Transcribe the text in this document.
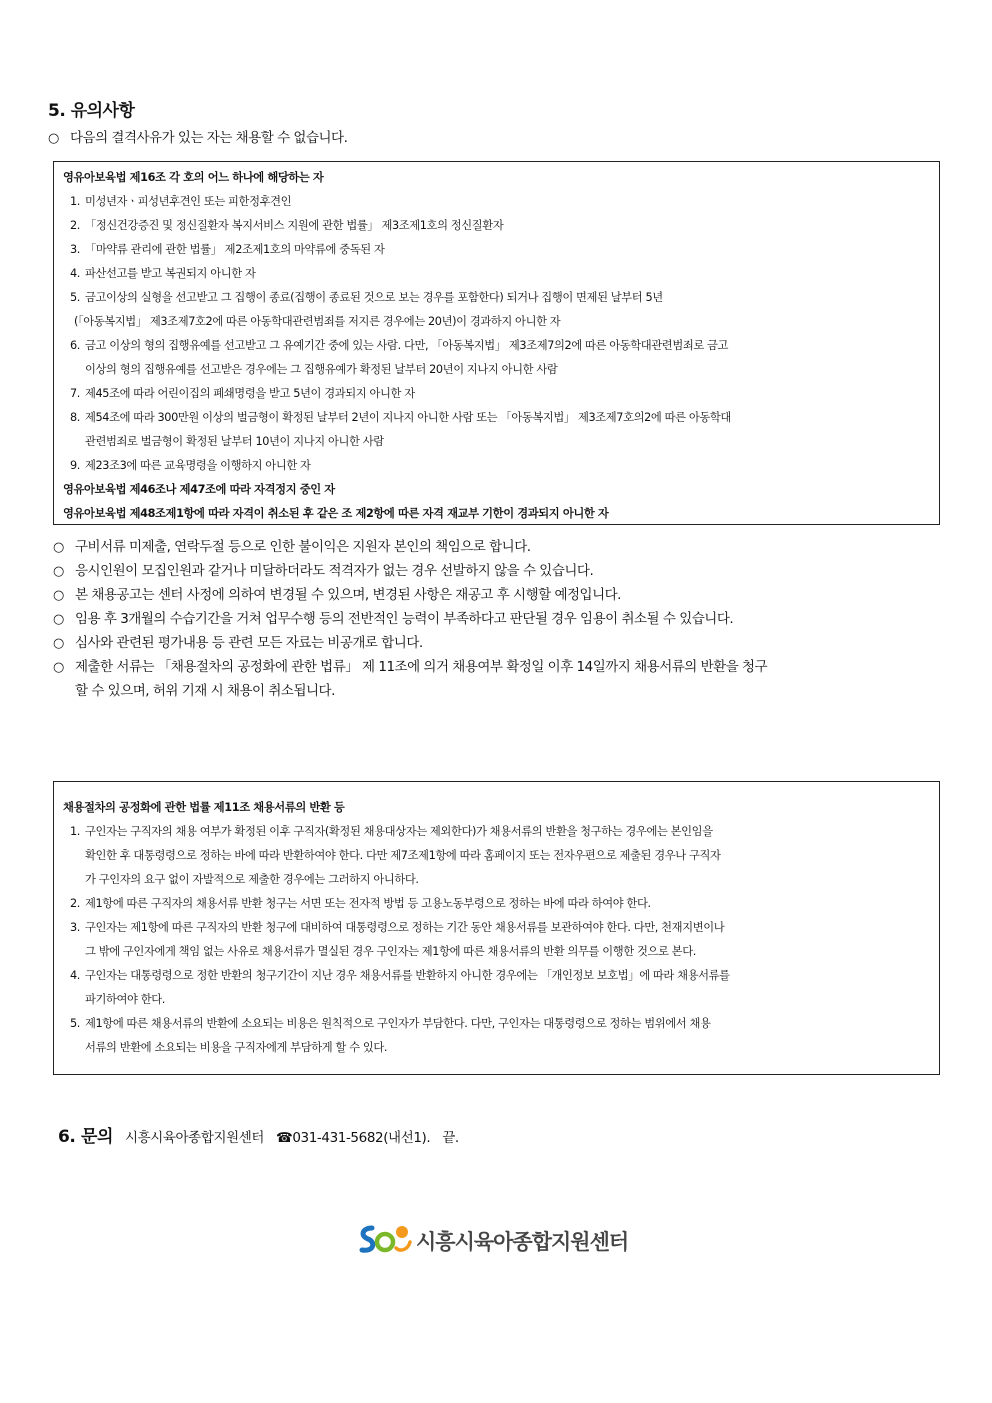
5. 유의사항
○ 다음의 결격사유가 있는 자는 채용할 수 없습니다.
영유아보육법 제16조 각 호의 어느 하나에 해당하는 자
1. 미성년자ㆍ피성년후견인 또는 피한정후견인
2. 「정신건강증진 및 정신질환자 복지서비스 지원에 관한 법률」 제3조제1호의 정신질환자
3. 「마약류 관리에 관한 법률」 제2조제1호의 마약류에 중독된 자
4. 파산선고를 받고 복권되지 아니한 자
5. 금고이상의 실형을 선고받고 그 집행이 종료(집행이 종료된 것으로 보는 경우를 포함한다) 되거나 집행이 면제된 날부터 5년
(「아동복지법」 제3조제7호2에 따른 아동학대관련범죄를 저지른 경우에는 20년)이 경과하지 아니한 자
6. 금고 이상의 형의 집행유예를 선고받고 그 유예기간 중에 있는 사람. 다만, 「아동복지법」 제3조제7의2에 따른 아동학대관련범죄로 금고
이상의 형의 집행유예를 선고받은 경우에는 그 집행유예가 확정된 날부터 20년이 지나지 아니한 사람
7. 제45조에 따라 어린이집의 폐쇄명령을 받고 5년이 경과되지 아니한 자
8. 제54조에 따라 300만원 이상의 벌금형이 확정된 날부터 2년이 지나지 아니한 사람 또는 「아동복지법」 제3조제7호의2에 따른 아동학대
관련범죄로 벌금형이 확정된 날부터 10년이 지나지 아니한 사람
9. 제23조3에 따른 교육명령을 이행하지 아니한 자
영유아보육법 제46조나 제47조에 따라 자격정지 중인 자
영유아보육법 제48조제1항에 따라 자격이 취소된 후 같은 조 제2항에 따른 자격 재교부 기한이 경과되지 아니한 자
○ 구비서류 미제출, 연락두절 등으로 인한 불이익은 지원자 본인의 책임으로 합니다.
○ 응시인원이 모집인원과 같거나 미달하더라도 적격자가 없는 경우 선발하지 않을 수 있습니다.
○ 본 채용공고는 센터 사정에 의하여 변경될 수 있으며, 변경된 사항은 재공고 후 시행할 예정입니다.
○ 임용 후 3개월의 수습기간을 거쳐 업무수행 등의 전반적인 능력이 부족하다고 판단될 경우 임용이 취소될 수 있습니다.
○ 심사와 관련된 평가내용 등 관련 모든 자료는 비공개로 합니다.
○ 제출한 서류는 「채용절차의 공정화에 관한 법류」 제 11조에 의거 채용여부 확정일 이후 14일까지 채용서류의 반환을 청구
할 수 있으며, 허위 기재 시 채용이 취소됩니다.
채용절차의 공정화에 관한 법률 제11조 채용서류의 반환 등
1. 구인자는 구직자의 채용 여부가 확정된 이후 구직자(확정된 채용대상자는 제외한다)가 채용서류의 반환을 청구하는 경우에는 본인임을
확인한 후 대통령령으로 정하는 바에 따라 반환하여야 한다. 다만 제7조제1항에 따라 홈페이지 또는 전자우편으로 제출된 경우나 구직자
가 구인자의 요구 없이 자발적으로 제출한 경우에는 그러하지 아니하다.
2. 제1항에 따른 구직자의 채용서류 반환 청구는 서면 또는 전자적 방법 등 고용노동부령으로 정하는 바에 따라 하여야 한다.
3. 구인자는 제1항에 따른 구직자의 반환 청구에 대비하여 대통령령으로 정하는 기간 동안 채용서류를 보관하여야 한다. 다만, 천재지변이나
그 밖에 구인자에게 책임 없는 사유로 채용서류가 멸실된 경우 구인자는 제1항에 따른 채용서류의 반환 의무를 이행한 것으로 본다.
4. 구인자는 대통령령으로 정한 반환의 청구기간이 지난 경우 채용서류를 반환하지 아니한 경우에는 「개인정보 보호법」에 따라 채용서류를
파기하여야 한다.
5. 제1항에 따른 채용서류의 반환에 소요되는 비용은 원칙적으로 구인자가 부담한다. 다만, 구인자는 대통령령으로 정하는 범위에서 채용
서류의 반환에 소요되는 비용을 구직자에게 부담하게 할 수 있다.
6. 문의 시흥시육아종합지원센터 ☎031-431-5682(내선1). 끝.
시흥시육아종합지원센터
